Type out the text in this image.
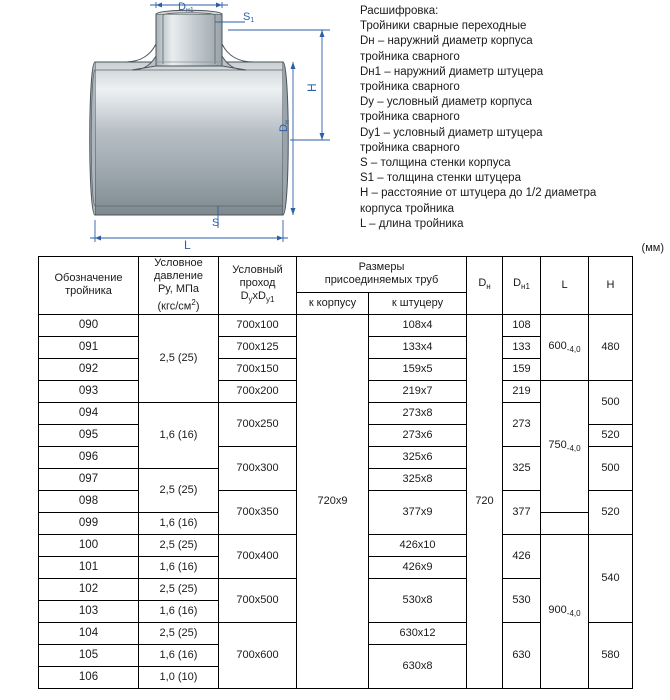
Dн1
S1
H
Dн
S
L
Расшифровка:
Тройники сварные переходные
Dн – наружний диаметр корпуса
тройника сварного
Dн1 – наружний диаметр штуцера
тройника сварного
Dу – условный диаметр корпуса
тройника сварного
Dу1 – условный диаметр штуцера
тройника сварного
S – толщина стенки корпуса
S1 – толщина стенки штуцера
Н – расстояние от штуцера до 1/2 диаметра
корпуса тройника
L – длина тройника
(мм)
Обозначение тройника

Условное
давление
Ру, МПа
$(кгс/см^2)$

Условный
проход
$D_уxD_{у1}$

Размеры
присоединяемых труб	$D_н$	$D_{н1}$	L	H

			к корпусу	к штуцеру				
090	2,5 (25)	700x100	720x9	108x4	720	108	$600_{-4,0}$	480
091		700x125		133x4		133		
092		700x150		159x5		159		
093		700x200		219x7		219	$750_{-4,0}$	500
094	1,6 (16)	700x250		273x8		273		
095				273x6				520
096		700x300		325x6		325		500
097	2,5 (25)			325x8				
098		700x350		377x9		377		520
099	1,6 (16)							
100	2,5 (25)	700x400		426x10		426	$900_{-4,0}$	540
101	1,6 (16)			426x9				
102	2,5 (25)	700x500		530x8		530		
103	1,6 (16)							
104	2,5 (25)	700x600		630x12		630		580
105	1,6 (16)			630x8				
106	1,0 (10)							
